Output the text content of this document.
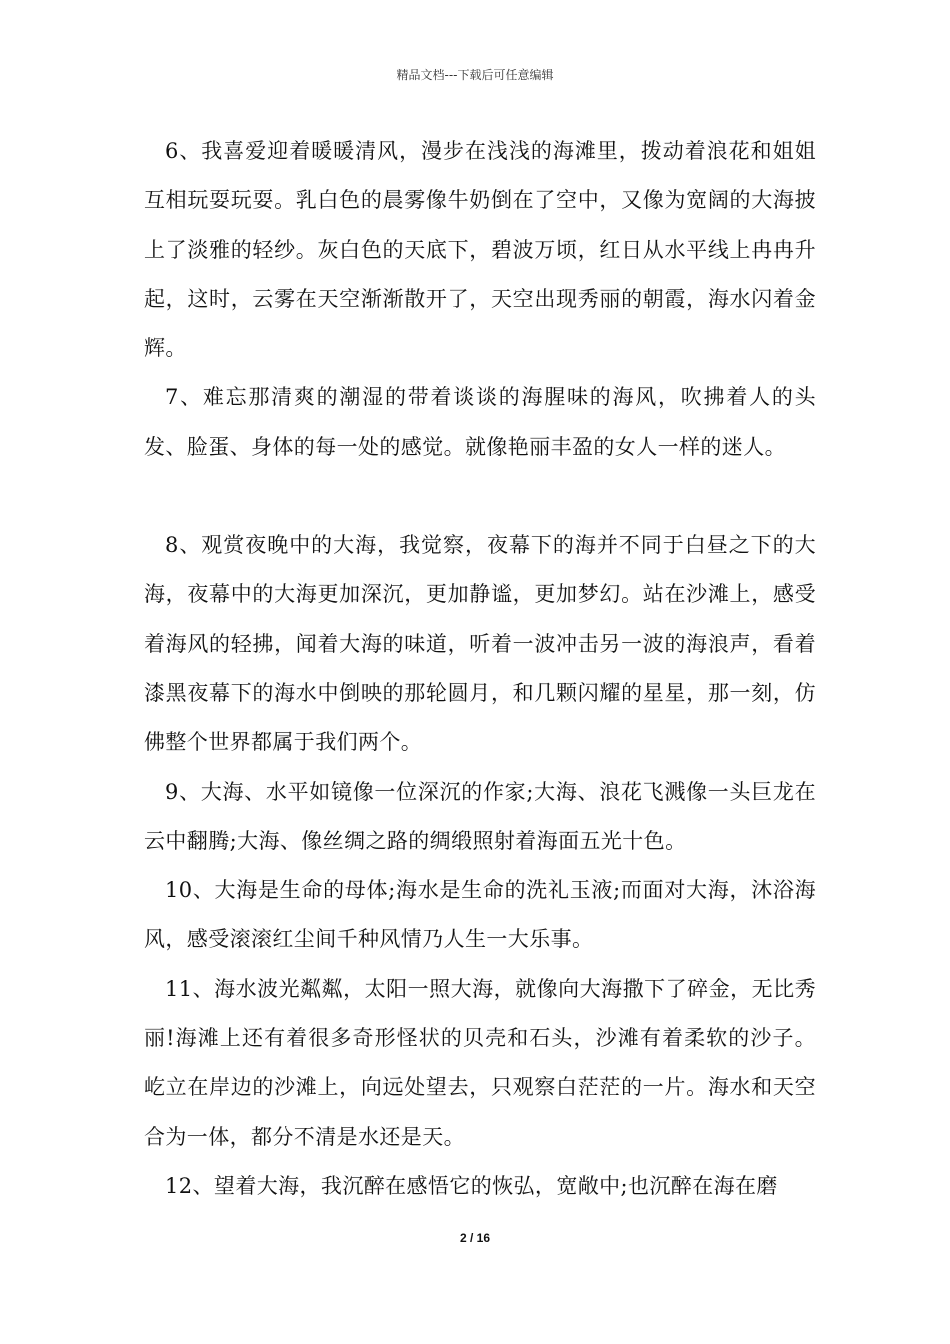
精品文档---下载后可任意编辑

6、我喜爱迎着暖暖清风，漫步在浅浅的海滩里，拨动着浪花和姐姐互相玩耍玩耍。乳白色的晨雾像牛奶倒在了空中，又像为宽阔的大海披上了淡雅的轻纱。灰白色的天底下，碧波万顷，红日从水平线上冉冉升起，这时，云雾在天空渐渐散开了，天空出现秀丽的朝霞，海水闪着金辉。

7、难忘那清爽的潮湿的带着谈谈的海腥味的海风，吹拂着人的头发、脸蛋、身体的每一处的感觉。就像艳丽丰盈的女人一样的迷人。

8、观赏夜晚中的大海，我觉察，夜幕下的海并不同于白昼之下的大海，夜幕中的大海更加深沉，更加静谧，更加梦幻。站在沙滩上，感受着海风的轻拂，闻着大海的味道，听着一波冲击另一波的海浪声，看着漆黑夜幕下的海水中倒映的那轮圆月，和几颗闪耀的星星，那一刻，仿佛整个世界都属于我们两个。

9、大海、水平如镜像一位深沉的作家;大海、浪花飞溅像一头巨龙在云中翻腾;大海、像丝绸之路的绸缎照射着海面五光十色。

10、大海是生命的母体;海水是生命的洗礼玉液;而面对大海，沐浴海风，感受滚滚红尘间千种风情乃人生一大乐事。

11、海水波光粼粼，太阳一照大海，就像向大海撒下了碎金，无比秀丽!海滩上还有着很多奇形怪状的贝壳和石头，沙滩有着柔软的沙子。屹立在岸边的沙滩上，向远处望去，只观察白茫茫的一片。海水和天空合为一体，都分不清是水还是天。

12、望着大海，我沉醉在感悟它的恢弘，宽敞中;也沉醉在海在磨

2 / 16
